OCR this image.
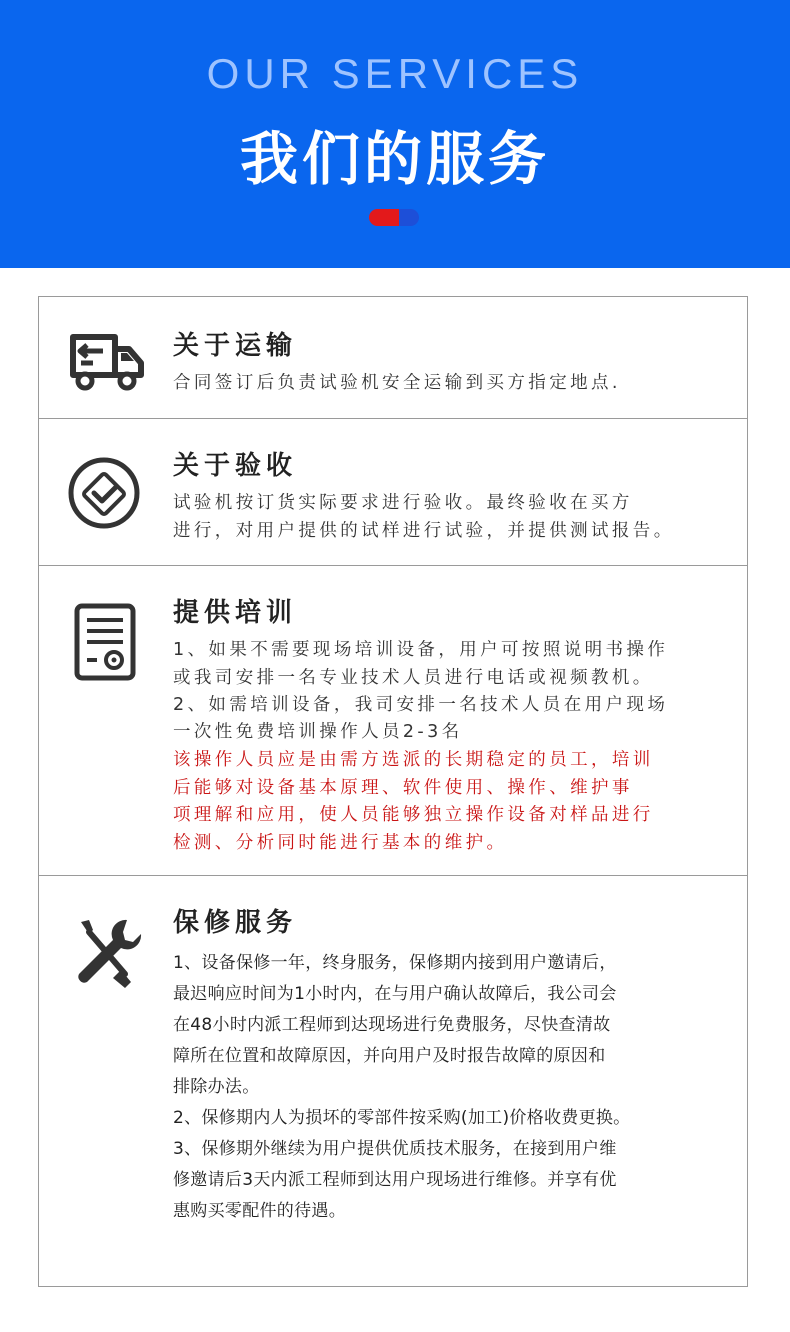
OUR SERVICES
我们的服务
关于运输
合同签订后负责试验机安全运输到买方指定地点.
关于验收
试验机按订货实际要求进行验收。最终验收在买方
进行，对用户提供的试样进行试验，并提供测试报告。
提供培训
1、如果不需要现场培训设备，用户可按照说明书操作
或我司安排一名专业技术人员进行电话或视频教机。
2、如需培训设备，我司安排一名技术人员在用户现场
一次性免费培训操作人员2-3名
该操作人员应是由需方选派的长期稳定的员工，培训
后能够对设备基本原理、软件使用、操作、维护事
项理解和应用，使人员能够独立操作设备对样品进行
检测、分析同时能进行基本的维护。
保修服务
1、设备保修一年，终身服务，保修期内接到用户邀请后，
最迟响应时间为1小时内，在与用户确认故障后，我公司会
在48小时内派工程师到达现场进行免费服务，尽快查清故
障所在位置和故障原因，并向用户及时报告故障的原因和
排除办法。
2、保修期内人为损坏的零部件按采购(加工)价格收费更换。
3、保修期外继续为用户提供优质技术服务，在接到用户维
修邀请后3天内派工程师到达用户现场进行维修。并享有优
惠购买零配件的待遇。
